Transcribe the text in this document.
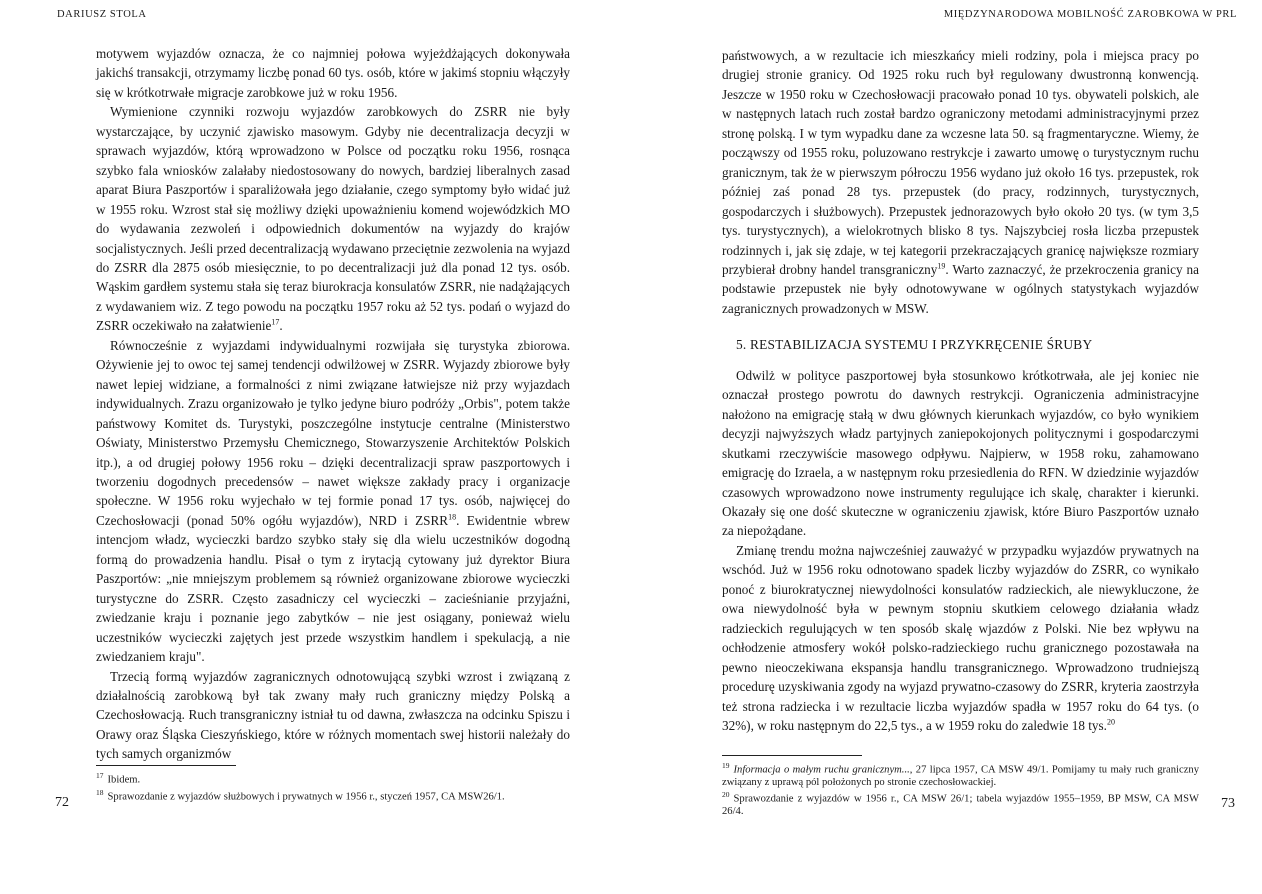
DARIUSZ STOLA

motywem wyjazdów oznacza, że co najmniej połowa wyjeżdżających dokonywała jakichś transakcji, otrzymamy liczbę ponad 60 tys. osób, które w jakimś stopniu włączyły się w krótkotrwałe migracje zarobkowe już w roku 1956.

Wymienione czynniki rozwoju wyjazdów zarobkowych do ZSRR nie były wystarczające, by uczynić zjawisko masowym. Gdyby nie decentralizacja decyzji w sprawach wyjazdów, którą wprowadzono w Polsce od początku roku 1956, rosnąca szybko fala wniosków zalałaby niedostosowany do nowych, bardziej liberalnych zasad aparat Biura Paszportów i sparaliżowała jego działanie, czego symptomy było widać już w 1955 roku. Wzrost stał się możliwy dzięki upoważnieniu komend wojewódzkich MO do wydawania zezwoleń i odpowiednich dokumentów na wyjazdy do krajów socjalistycznych. Jeśli przed decentralizacją wydawano przeciętnie zezwolenia na wyjazd do ZSRR dla 2875 osób miesięcznie, to po decentralizacji już dla ponad 12 tys. osób. Wąskim gardłem systemu stała się teraz biurokracja konsulatów ZSRR, nie nadążających z wydawaniem wiz. Z tego powodu na początku 1957 roku aż 52 tys. podań o wyjazd do ZSRR oczekiwało na załatwienie$^{17}$.

Równocześnie z wyjazdami indywidualnymi rozwijała się turystyka zbiorowa. Ożywienie jej to owoc tej samej tendencji odwilżowej w ZSRR. Wyjazdy zbiorowe były nawet lepiej widziane, a formalności z nimi związane łatwiejsze niż przy wyjazdach indywidualnych. Zrazu organizowało je tylko jedyne biuro podróży „Orbis", potem także państwowy Komitet ds. Turystyki, poszczególne instytucje centralne (Ministerstwo Oświaty, Ministerstwo Przemysłu Chemicznego, Stowarzyszenie Architektów Polskich itp.), a od drugiej połowy 1956 roku – dzięki decentralizacji spraw paszportowych i tworzeniu dogodnych precedensów – nawet większe zakłady pracy i organizacje społeczne. W 1956 roku wyjechało w tej formie ponad 17 tys. osób, najwięcej do Czechosłowacji (ponad 50% ogółu wyjazdów), NRD i ZSRR$^{18}$. Ewidentnie wbrew intencjom władz, wycieczki bardzo szybko stały się dla wielu uczestników dogodną formą do prowadzenia handlu. Pisał o tym z irytacją cytowany już dyrektor Biura Paszportów: „nie mniejszym problemem są również organizowane zbiorowe wycieczki turystyczne do ZSRR. Często zasadniczy cel wycieczki – zacieśnianie przyjaźni, zwiedzanie kraju i poznanie jego zabytków – nie jest osiągany, ponieważ wielu uczestników wycieczki zajętych jest przede wszystkim handlem i spekulacją, a nie zwiedzaniem kraju".

Trzecią formą wyjazdów zagranicznych odnotowującą szybki wzrost i związaną z działalnością zarobkową był tak zwany mały ruch graniczny między Polską a Czechosłowacją. Ruch transgraniczny istniał tu od dawna, zwłaszcza na odcinku Spiszu i Orawy oraz Śląska Cieszyńskiego, które w różnych momentach swej historii należały do tych samych organizmów

$^{17}$ Ibidem.

$^{18}$ Sprawozdanie z wyjazdów służbowych i prywatnych w 1956 r., styczeń 1957, CA MSW26/1.

72
MIĘDZYNARODOWA MOBILNOŚĆ ZAROBKOWA W PRL

państwowych, a w rezultacie ich mieszkańcy mieli rodziny, pola i miejsca pracy po drugiej stronie granicy. Od 1925 roku ruch był regulowany dwustronną konwencją. Jeszcze w 1950 roku w Czechosłowacji pracowało ponad 10 tys. obywateli polskich, ale w następnych latach ruch został bardzo ograniczony metodami administracyjnymi przez stronę polską. I w tym wypadku dane za wczesne lata 50. są fragmentaryczne. Wiemy, że począwszy od 1955 roku, poluzowano restrykcje i zawarto umowę o turystycznym ruchu granicznym, tak że w pierwszym półroczu 1956 wydano już około 16 tys. przepustek, rok później zaś ponad 28 tys. przepustek (do pracy, rodzinnych, turystycznych, gospodarczych i służbowych). Przepustek jednorazowych było około 20 tys. (w tym 3,5 tys. turystycznych), a wielokrotnych blisko 8 tys. Najszybciej rosła liczba przepustek rodzinnych i, jak się zdaje, w tej kategorii przekraczających granicę największe rozmiary przybierał drobny handel transgraniczny$^{19}$. Warto zaznaczyć, że przekroczenia granicy na podstawie przepustek nie były odnotowywane w ogólnych statystykach wyjazdów zagranicznych prowadzonych w MSW.

5. RESTABILIZACJA SYSTEMU I PRZYKRĘCENIE ŚRUBY

Odwilż w polityce paszportowej była stosunkowo krótkotrwała, ale jej koniec nie oznaczał prostego powrotu do dawnych restrykcji. Ograniczenia administracyjne nałożono na emigrację stałą w dwu głównych kierunkach wyjazdów, co było wynikiem decyzji najwyższych władz partyjnych zaniepokojonych politycznymi i gospodarczymi skutkami rzeczywiście masowego odpływu. Najpierw, w 1958 roku, zahamowano emigrację do Izraela, a w następnym roku przesiedlenia do RFN. W dziedzinie wyjazdów czasowych wprowadzono nowe instrumenty regulujące ich skalę, charakter i kierunki. Okazały się one dość skuteczne w ograniczeniu zjawisk, które Biuro Paszportów uznało za niepożądane.

Zmianę trendu można najwcześniej zauważyć w przypadku wyjazdów prywatnych na wschód. Już w 1956 roku odnotowano spadek liczby wyjazdów do ZSRR, co wynikało ponoć z biurokratycznej niewydolności konsulatów radzieckich, ale niewykluczone, że owa niewydolność była w pewnym stopniu skutkiem celowego działania władz radzieckich regulujących w ten sposób skalę wjazdów z Polski. Nie bez wpływu na ochłodzenie atmosfery wokół polsko-radzieckiego ruchu granicznego pozostawała na pewno nieoczekiwana ekspansja handlu transgranicznego. Wprowadzono trudniejszą procedurę uzyskiwania zgody na wyjazd prywatno-czasowy do ZSRR, kryteria zaostrzyła też strona radziecka i w rezultacie liczba wyjazdów spadła w 1957 roku do 64 tys. (o 32%), w roku następnym do 22,5 tys., a w 1959 roku do zaledwie 18 tys.$^{20}$

$^{19}$ Informacja o małym ruchu granicznym..., 27 lipca 1957, CA MSW 49/1. Pomijamy tu mały ruch graniczny związany z uprawą pól położonych po stronie czechosłowackiej.

$^{20}$ Sprawozdanie z wyjazdów w 1956 r., CA MSW 26/1; tabela wyjazdów 1955–1959, BP MSW, CA MSW 26/4.

73
